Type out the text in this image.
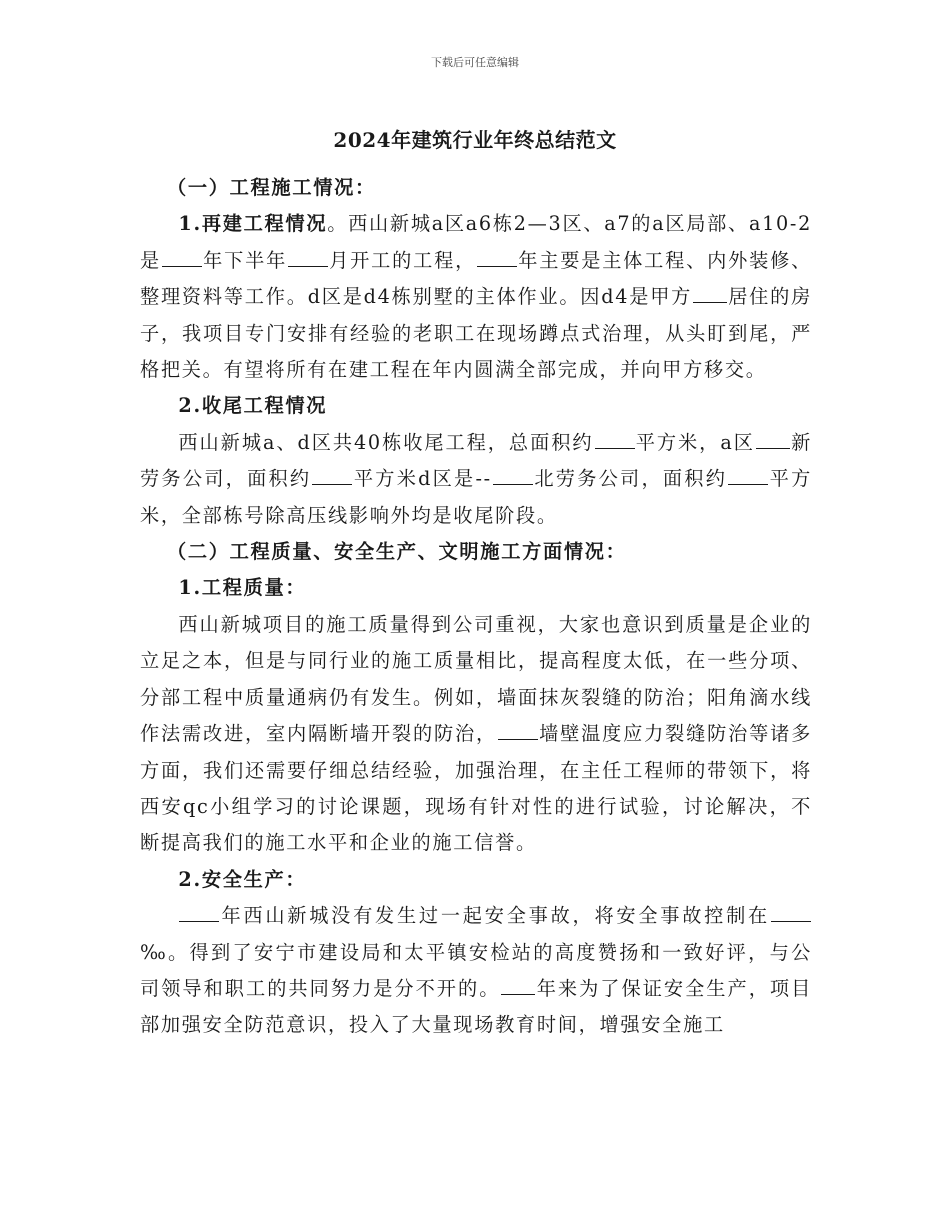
下载后可任意编辑
2024年建筑行业年终总结范文

（一）工程施工情况：

1.再建工程情况。西山新城a区a6栋2—3区、a7的a区局部、a10-2是 年下半年 月开工的工程， 年主要是主体工程、内外装修、整理资料等工作。d区是d4栋别墅的主体作业。因d4是甲方 居住的房子，我项目专门安排有经验的老职工在现场蹲点式治理，从头盯到尾，严格把关。有望将所有在建工程在年内圆满全部完成，并向甲方移交。

2.收尾工程情况

西山新城a、d区共40栋收尾工程，总面积约 平方米，a区 新劳务公司，面积约 平方米d区是-- 北劳务公司，面积约 平方米，全部栋号除高压线影响外均是收尾阶段。

（二）工程质量、安全生产、文明施工方面情况：

1.工程质量：

西山新城项目的施工质量得到公司重视，大家也意识到质量是企业的立足之本，但是与同行业的施工质量相比，提高程度太低，在一些分项、分部工程中质量通病仍有发生。例如，墙面抹灰裂缝的防治；阳角滴水线作法需改进，室内隔断墙开裂的防治， 墙壁温度应力裂缝防治等诸多方面，我们还需要仔细总结经验，加强治理，在主任工程师的带领下，将西安qc小组学习的讨论课题，现场有针对性的进行试验，讨论解决，不断提高我们的施工水平和企业的施工信誉。

2.安全生产：

年西山新城没有发生过一起安全事故，将安全事故控制在‰。得到了安宁市建设局和太平镇安检站的高度赞扬和一致好评，与公司领导和职工的共同努力是分不开的。 年来为了保证安全生产，项目部加强安全防范意识，投入了大量现场教育时间，增强安全施工
